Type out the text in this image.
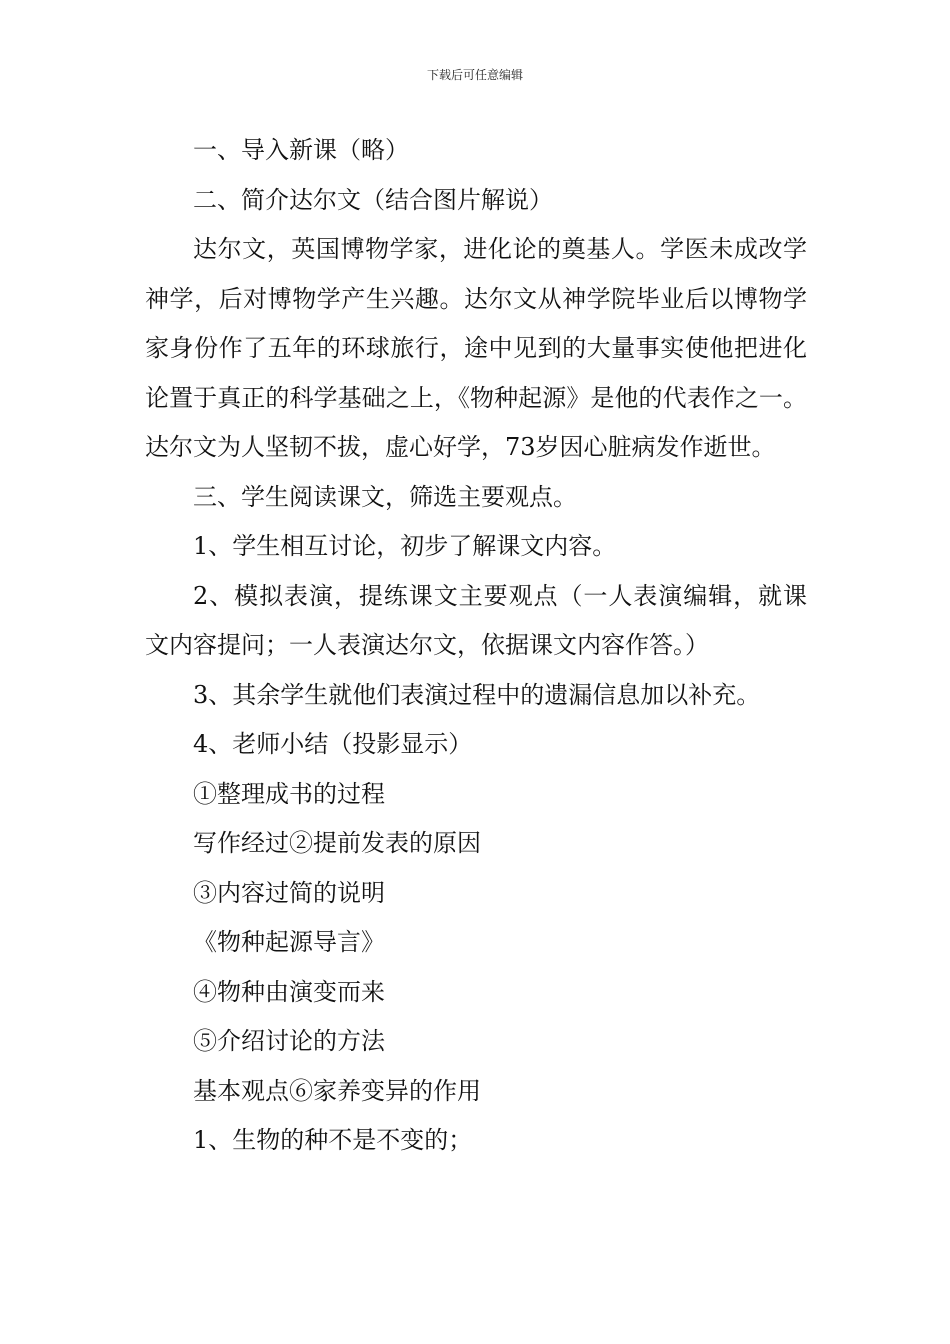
下载后可任意编辑

一、导入新课（略）

二、简介达尔文（结合图片解说）

达尔文，英国博物学家，进化论的奠基人。学医未成改学神学，后对博物学产生兴趣。达尔文从神学院毕业后以博物学家身份作了五年的环球旅行，途中见到的大量事实使他把进化论置于真正的科学基础之上，《物种起源》是他的代表作之一。达尔文为人坚韧不拔，虚心好学，73岁因心脏病发作逝世。

三、学生阅读课文，筛选主要观点。

1、学生相互讨论，初步了解课文内容。

2、模拟表演，提练课文主要观点（一人表演编辑，就课文内容提问；一人表演达尔文，依据课文内容作答。）

3、其余学生就他们表演过程中的遗漏信息加以补充。

4、老师小结（投影显示）

①整理成书的过程

写作经过②提前发表的原因

③内容过简的说明

《物种起源导言》

④物种由演变而来

⑤介绍讨论的方法

基本观点⑥家养变异的作用

1、生物的种不是不变的；
